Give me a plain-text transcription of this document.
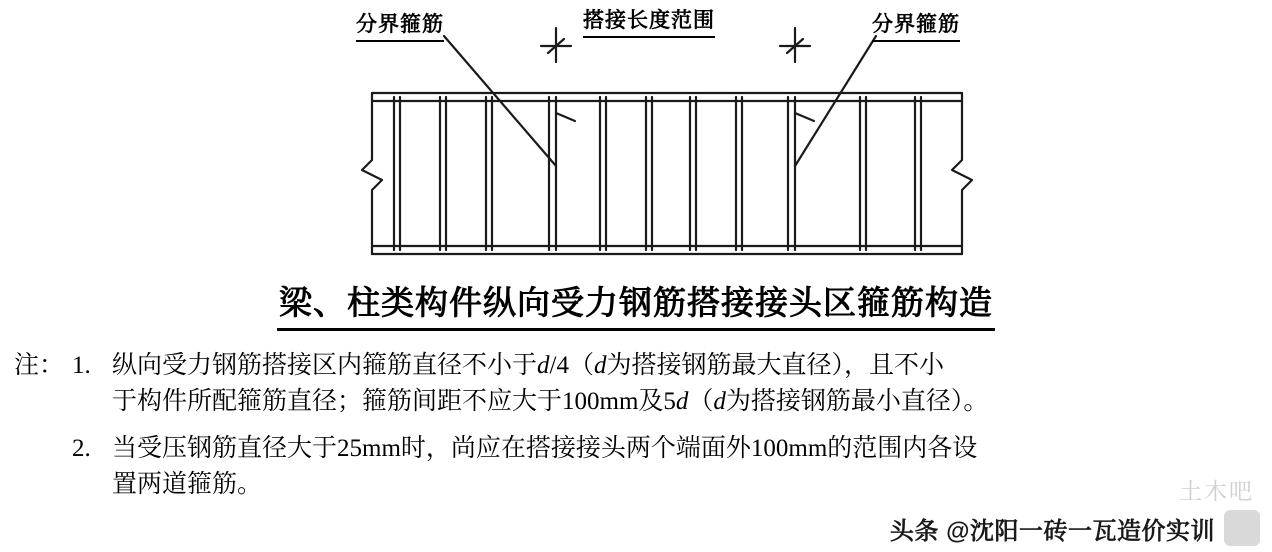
分界箍筋	搭接长度范围	分界箍筋
梁、柱类构件纵向受力钢筋搭接接头区箍筋构造
注： 1. 纵向受力钢筋搭接区内箍筋直径不小于d/4（d为搭接钢筋最大直径），且不小
于构件所配箍筋直径；箍筋间距不应大于100mm及5d（d为搭接钢筋最小直径）。
2. 当受压钢筋直径大于25mm时，尚应在搭接接头两个端面外100mm的范围内各设
置两道箍筋。	土木吧
头条 @沈阳一砖一瓦造价实训
